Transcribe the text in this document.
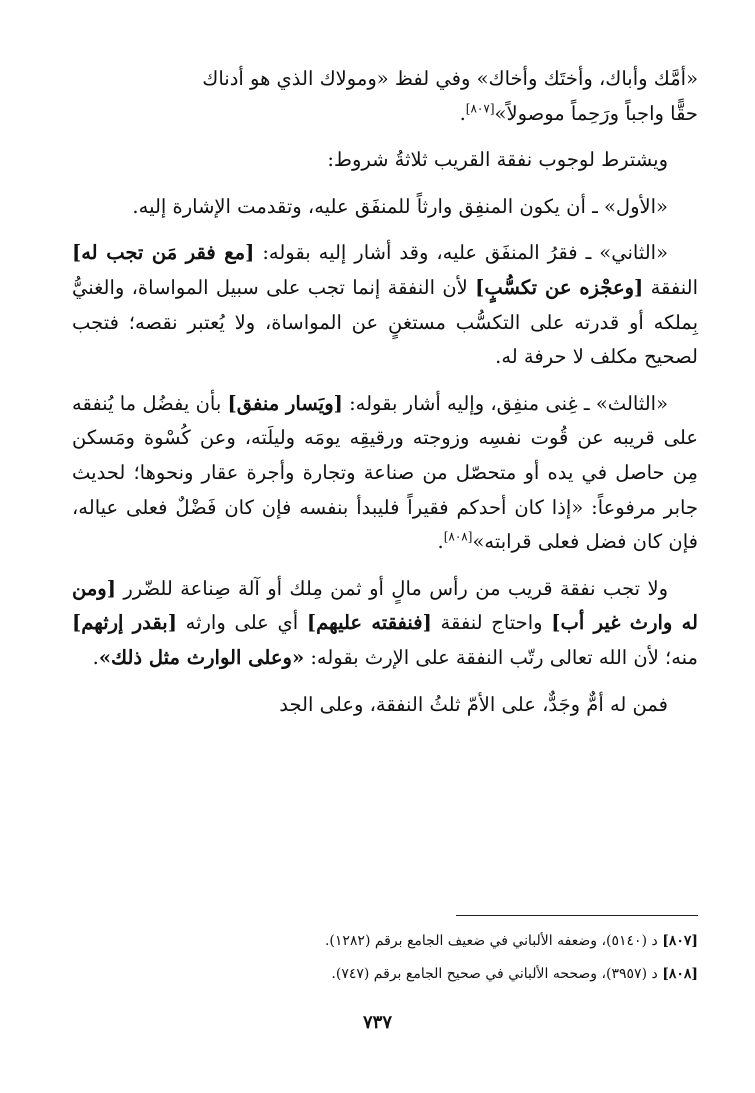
«أمَّك وأباك، وأختَك وأخاك» وفي لفظ «ومولاك الذي هو أدناك
حقًّا واجباً ورَحِماً موصولاً»[٨٠٧].

ويشترط لوجوب نفقة القريب ثلاثةُ شروط:

«الأول» ـ أن يكون المنفِق وارثاً للمنفَق عليه، وتقدمت الإشارة إليه.

«الثاني» ـ فقرُ المنفَق عليه، وقد أشار إليه بقوله: [مع فقر مَن تجب له] النفقة [وعجْزه عن تكسُّبٍ] لأن النفقة إنما تجب على سبيل المواساة، والغنيُّ بِملكه أو قدرته على التكسُّب مستغنٍ عن المواساة، ولا يُعتبر نقصه؛ فتجب لصحيح مكلف لا حرفة له.

«الثالث» ـ غِنى منفِق، وإليه أشار بقوله: [ويَسار منفق] بأن يفضُل ما يُنفقه على قريبه عن قُوت نفسِه وزوجته ورقيقِه يومَه وليلَته، وعن كُسْوة ومَسكن مِن حاصل في يده أو متحصّل من صناعة وتجارة وأجرة عقار ونحوها؛ لحديث جابر مرفوعاً: «إذا كان أحدكم فقيراً فليبدأ بنفسه فإن كان فَضْلٌ فعلى عياله، فإن كان فضل فعلى قرابته»[٨٠٨].

ولا تجب نفقة قريب من رأس مالٍ أو ثمن مِلك أو آلة صِناعة للضّرر [ومن له وارث غير أب] واحتاج لنفقة [فنفقته عليهم] أي على وارثه [بقدر إرثهم] منه؛ لأن الله تعالى رتّب النفقة على الإرث بقوله: «وعلى الوارث مثل ذلك».

فمن له أمٌّ وجَدٌّ، على الأمّ ثلثُ النفقة، وعلى الجد

[٨٠٧] د (٥١٤٠)، وضعفه الألباني في ضعيف الجامع برقم (١٢٨٢).
[٨٠٨] د (٣٩٥٧)، وصححه الألباني في صحيح الجامع برقم (٧٤٧).
٧٣٧
